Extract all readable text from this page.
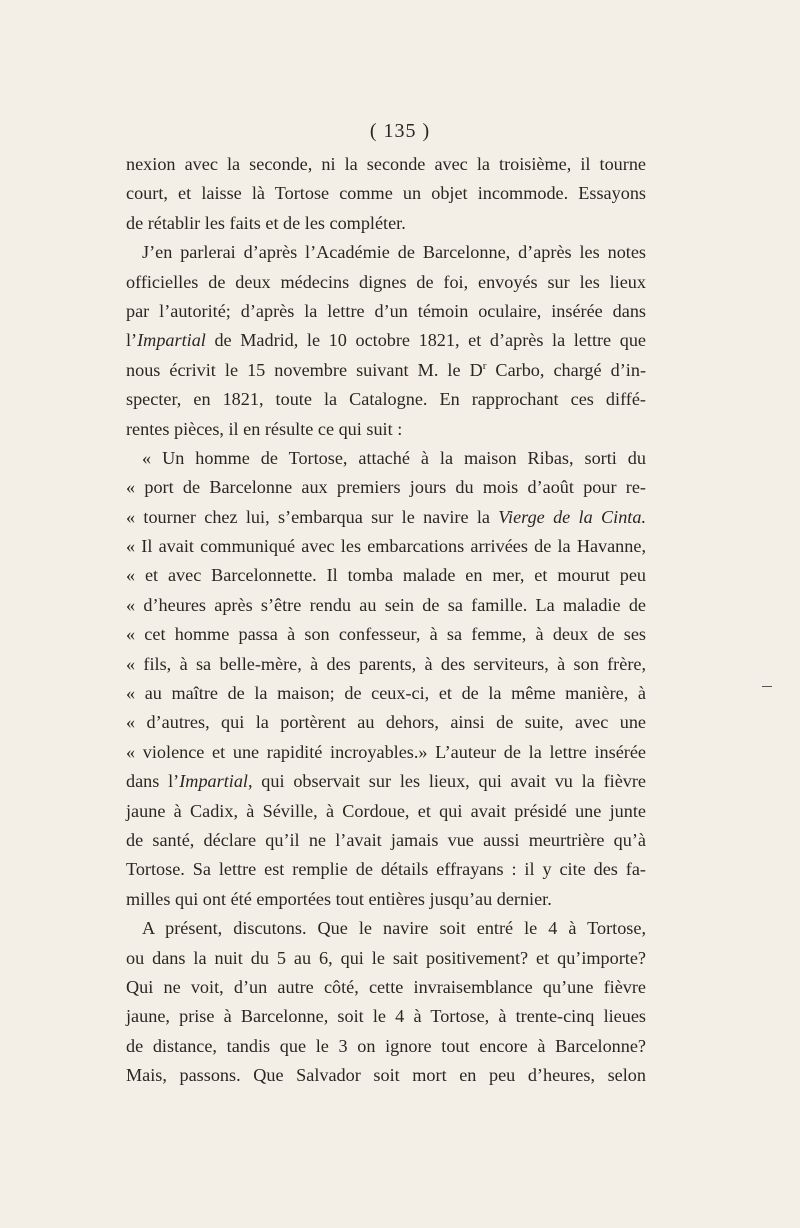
( 135 )
nexion avec la seconde, ni la seconde avec la troisième, il tourne
court, et laisse là Tortose comme un objet incommode. Essayons
de rétablir les faits et de les compléter.
J’en parlerai d’après l’Académie de Barcelonne, d’après les notes
officielles de deux médecins dignes de foi, envoyés sur les lieux
par l’autorité; d’après la lettre d’un témoin oculaire, insérée dans
l’Impartial de Madrid, le 10 octobre 1821, et d’après la lettre que
nous écrivit le 15 novembre suivant M. le $D^r$ Carbo, chargé d’in-
specter, en 1821, toute la Catalogne. En rapprochant ces diffé-
rentes pièces, il en résulte ce qui suit :
« Un homme de Tortose, attaché à la maison Ribas, sorti du
« port de Barcelonne aux premiers jours du mois d’août pour re-
« tourner chez lui, s’embarqua sur le navire la Vierge de la Cinta.
« Il avait communiqué avec les embarcations arrivées de la Havanne,
« et avec Barcelonnette. Il tomba malade en mer, et mourut peu
« d’heures après s’être rendu au sein de sa famille. La maladie de
« cet homme passa à son confesseur, à sa femme, à deux de ses
« fils, à sa belle-mère, à des parents, à des serviteurs, à son frère,
« au maître de la maison; de ceux-ci, et de la même manière, à
« d’autres, qui la portèrent au dehors, ainsi de suite, avec une
« violence et une rapidité incroyables.» L’auteur de la lettre insérée
dans l’Impartial, qui observait sur les lieux, qui avait vu la fièvre
jaune à Cadix, à Séville, à Cordoue, et qui avait présidé une junte
de santé, déclare qu’il ne l’avait jamais vue aussi meurtrière qu’à
Tortose. Sa lettre est remplie de détails effrayans : il y cite des fa-
milles qui ont été emportées tout entières jusqu’au dernier.
A présent, discutons. Que le navire soit entré le 4 à Tortose,
ou dans la nuit du 5 au 6, qui le sait positivement? et qu’importe?
Qui ne voit, d’un autre côté, cette invraisemblance qu’une fièvre
jaune, prise à Barcelonne, soit le 4 à Tortose, à trente-cinq lieues
de distance, tandis que le 3 on ignore tout encore à Barcelonne?
Mais, passons. Que Salvador soit mort en peu d’heures, selon
